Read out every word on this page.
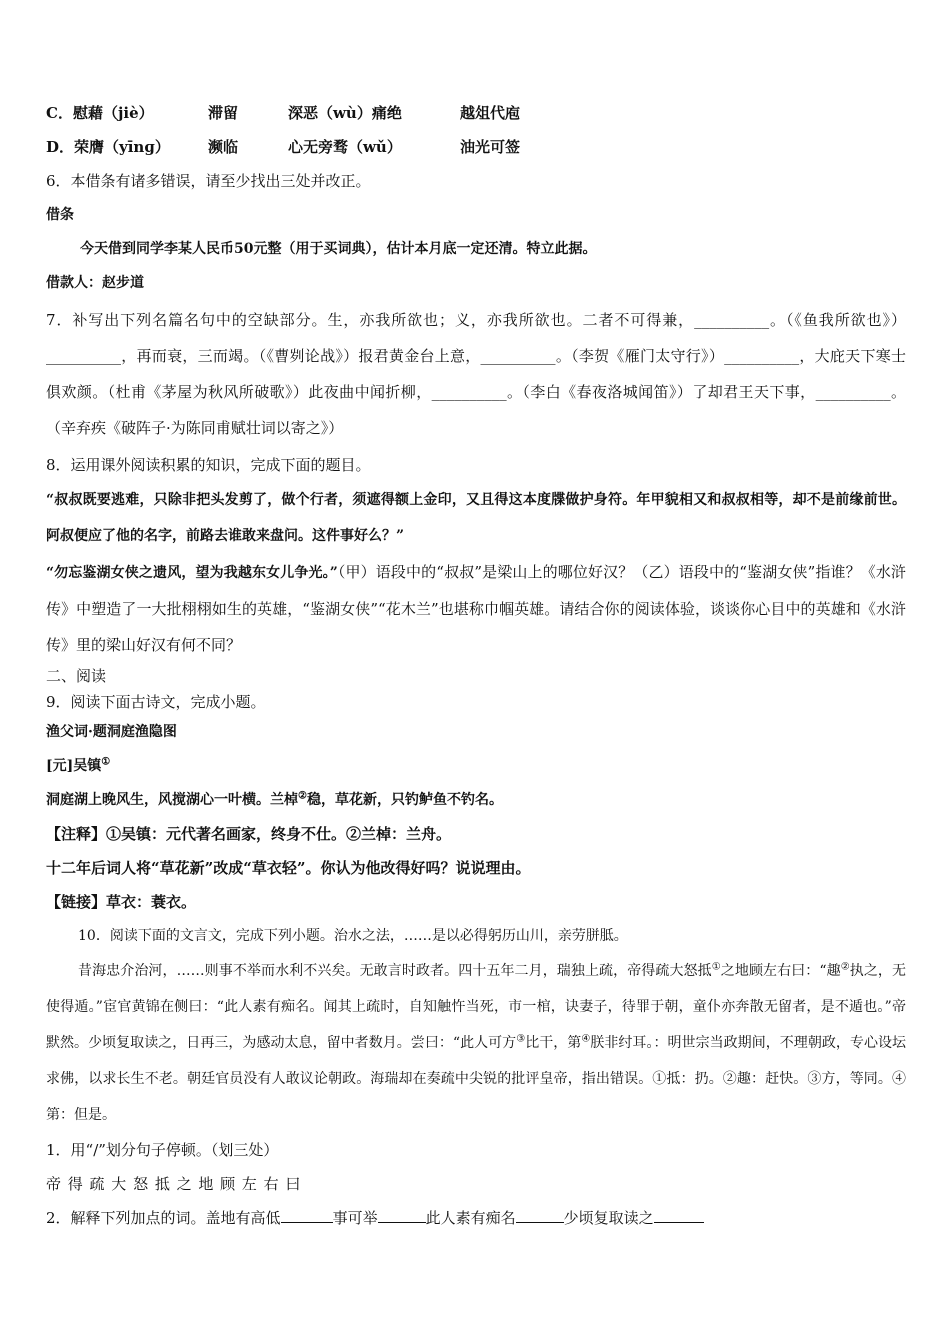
C．慰藉（jiè）	滞留	深恶（wù）痛绝	越俎代庖
D．荣膺（yīnɡ）	濒临	心无旁骛（wǔ）	油光可签
6．本借条有诸多错误，请至少找出三处并改正。
借条
今天借到同学李某人民币50元整（用于买词典），估计本月底一定还清。特立此据。
借款人：赵步道
7．补写出下列名篇名句中的空缺部分。生，亦我所欲也；义，亦我所欲也。二者不可得兼，__________。（《鱼我所欲也》）__________，再而衰，三而竭。（《曹刿论战》）报君黄金台上意，__________。（李贺《雁门太守行》）__________，大庇天下寒士俱欢颜。（杜甫《茅屋为秋风所破歌》）此夜曲中闻折柳，__________。（李白《春夜洛城闻笛》）了却君王天下事，__________。（辛弃疾《破阵子·为陈同甫赋壮词以寄之》）
8．运用课外阅读积累的知识，完成下面的题目。
“叔叔既要逃难，只除非把头发剪了，做个行者，须遮得额上金印，又且得这本度牒做护身符。年甲貌相又和叔叔相等，却不是前缘前世。阿叔便应了他的名字，前路去谁敢来盘问。这件事好么？”
“勿忘鉴湖女侠之遗风，望为我越东女儿争光。”（甲）语段中的“叔叔”是梁山上的哪位好汉？（乙）语段中的“鉴湖女侠”指谁？《水浒传》中塑造了一大批栩栩如生的英雄，“鉴湖女侠”“花木兰”也堪称巾帼英雄。请结合你的阅读体验，谈谈你心目中的英雄和《水浒传》里的梁山好汉有何不同？
二、阅读
9．阅读下面古诗文，完成小题。
渔父词·题洞庭渔隐图
[元]吴镇①
洞庭湖上晚风生，风搅湖心一叶横。兰棹②稳，草花新，只钓鲈鱼不钓名。
【注释】①吴镇：元代著名画家，终身不仕。②兰棹：兰舟。
十二年后词人将“草花新”改成“草衣轻”。你认为他改得好吗？说说理由。
【链接】草衣：蓑衣。
10．阅读下面的文言文，完成下列小题。治水之法，……是以必得躬历山川，亲劳胼胝。
昔海忠介治河，……则事不举而水利不兴矣。无敢言时政者。四十五年二月，瑞独上疏，帝得疏大怒抵①之地顾左右曰：“趣②执之，无使得遁。”宦官黄锦在侧曰：“此人素有痴名。闻其上疏时，自知触忤当死，市一棺，诀妻子，待罪于朝，童仆亦奔散无留者，是不遁也。”帝默然。少顷复取读之，日再三，为感动太息，留中者数月。尝曰：“此人可方③比干，第④朕非纣耳。：明世宗当政期间，不理朝政，专心设坛求佛，以求长生不老。朝廷官员没有人敢议论朝政。海瑞却在奏疏中尖锐的批评皇帝，指出错误。①抵：扔。②趣：赶快。③方，等同。④第：但是。
1．用“/”划分句子停顿。（划三处）
帝 得 疏 大 怒 抵 之 地 顾 左 右 曰
2．解释下列加点的词。盖地有高低	事可举	此人素有痴名	少顷复取读之
